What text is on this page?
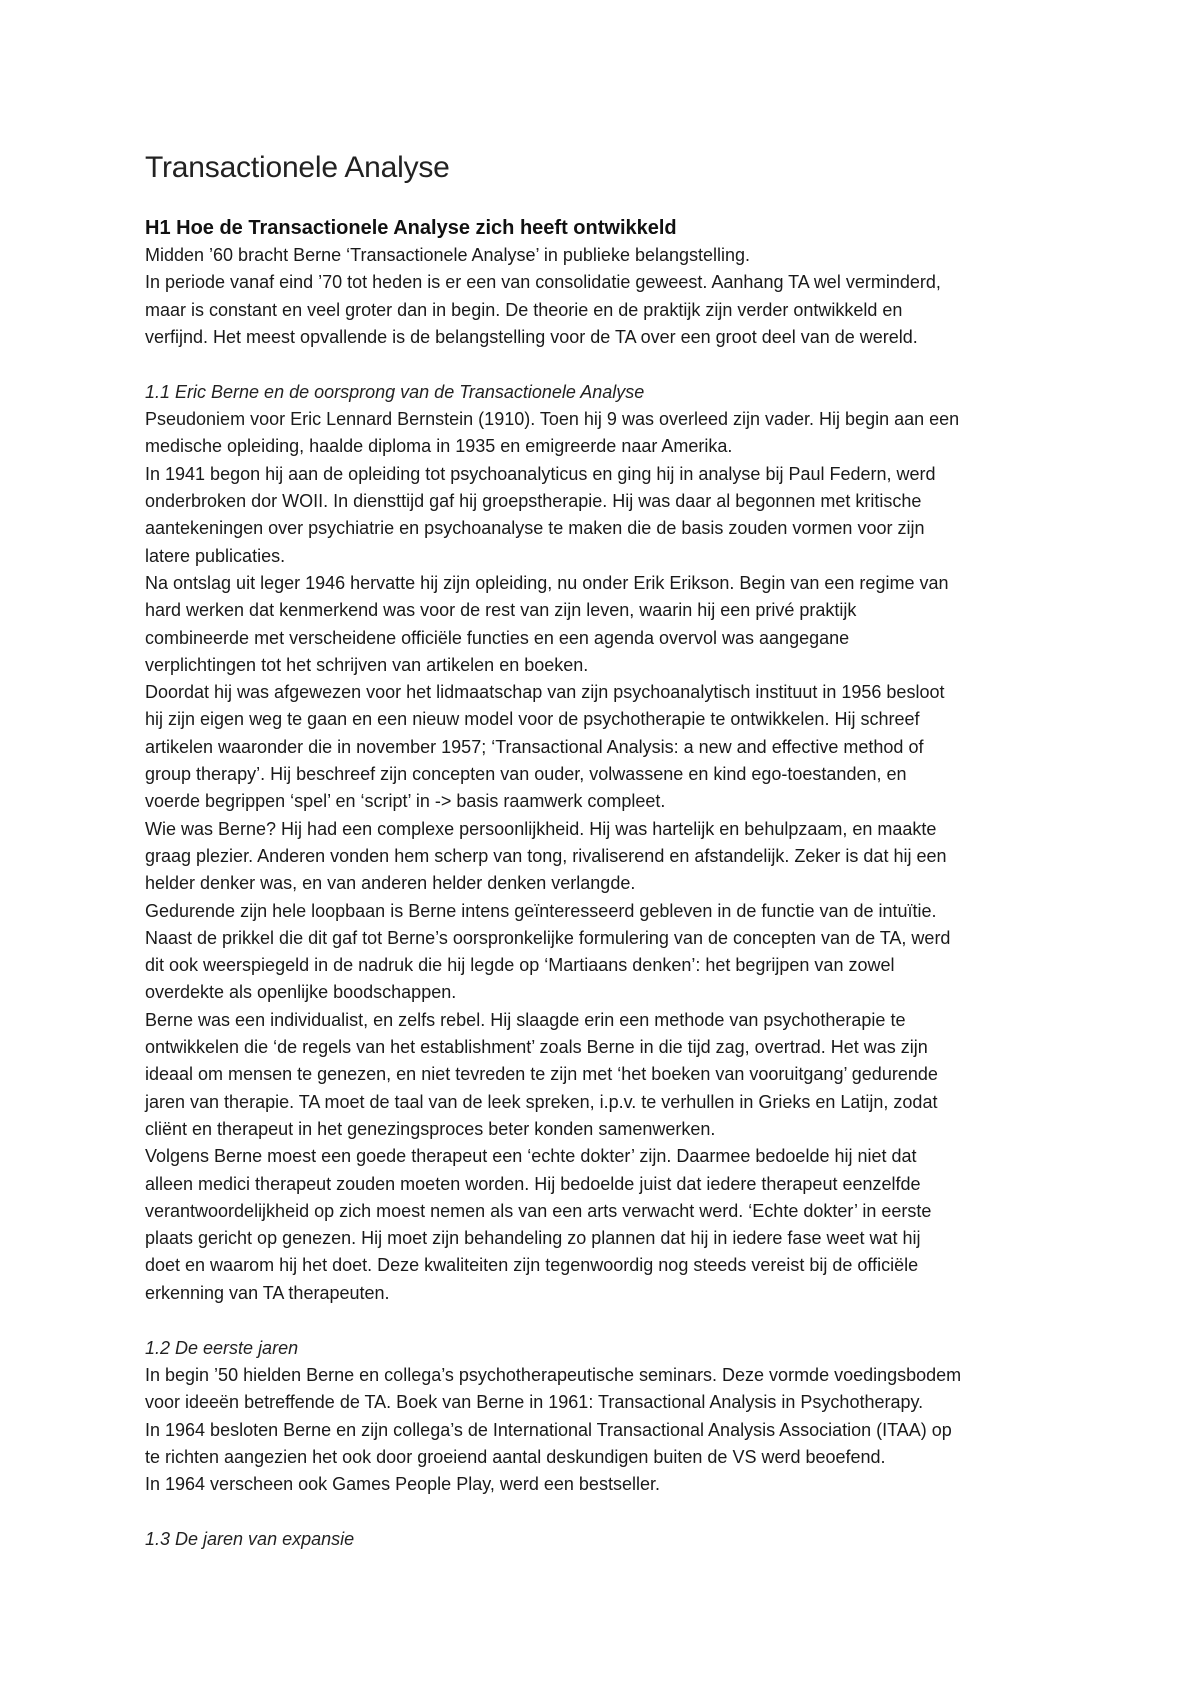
Transactionele Analyse
H1 Hoe de Transactionele Analyse zich heeft ontwikkeld

Midden ’60 bracht Berne ‘Transactionele Analyse’ in publieke belangstelling.
In periode vanaf eind ’70 tot heden is er een van consolidatie geweest. Aanhang TA wel verminderd,
maar is constant en veel groter dan in begin. De theorie en de praktijk zijn verder ontwikkeld en
verfijnd. Het meest opvallende is de belangstelling voor de TA over een groot deel van de wereld.

1.1 Eric Berne en de oorsprong van de Transactionele Analyse

Pseudoniem voor Eric Lennard Bernstein (1910). Toen hij 9 was overleed zijn vader. Hij begin aan een
medische opleiding, haalde diploma in 1935 en emigreerde naar Amerika.
In 1941 begon hij aan de opleiding tot psychoanalyticus en ging hij in analyse bij Paul Federn, werd
onderbroken dor WOII. In diensttijd gaf hij groepstherapie. Hij was daar al begonnen met kritische
aantekeningen over psychiatrie en psychoanalyse te maken die de basis zouden vormen voor zijn
latere publicaties.
Na ontslag uit leger 1946 hervatte hij zijn opleiding, nu onder Erik Erikson. Begin van een regime van
hard werken dat kenmerkend was voor de rest van zijn leven, waarin hij een privé praktijk
combineerde met verscheidene officiële functies en een agenda overvol was aangegane
verplichtingen tot het schrijven van artikelen en boeken.
Doordat hij was afgewezen voor het lidmaatschap van zijn psychoanalytisch instituut in 1956 besloot
hij zijn eigen weg te gaan en een nieuw model voor de psychotherapie te ontwikkelen. Hij schreef
artikelen waaronder die in november 1957; ‘Transactional Analysis: a new and effective method of
group therapy’. Hij beschreef zijn concepten van ouder, volwassene en kind ego-toestanden, en
voerde begrippen ‘spel’ en ‘script’ in -> basis raamwerk compleet.
Wie was Berne? Hij had een complexe persoonlijkheid. Hij was hartelijk en behulpzaam, en maakte
graag plezier. Anderen vonden hem scherp van tong, rivaliserend en afstandelijk. Zeker is dat hij een
helder denker was, en van anderen helder denken verlangde.
Gedurende zijn hele loopbaan is Berne intens geïnteresseerd gebleven in de functie van de intuïtie.
Naast de prikkel die dit gaf tot Berne’s oorspronkelijke formulering van de concepten van de TA, werd
dit ook weerspiegeld in de nadruk die hij legde op ‘Martiaans denken’: het begrijpen van zowel
overdekte als openlijke boodschappen.
Berne was een individualist, en zelfs rebel. Hij slaagde erin een methode van psychotherapie te
ontwikkelen die ‘de regels van het establishment’ zoals Berne in die tijd zag, overtrad. Het was zijn
ideaal om mensen te genezen, en niet tevreden te zijn met ‘het boeken van vooruitgang’ gedurende
jaren van therapie. TA moet de taal van de leek spreken, i.p.v. te verhullen in Grieks en Latijn, zodat
cliënt en therapeut in het genezingsproces beter konden samenwerken.
Volgens Berne moest een goede therapeut een ‘echte dokter’ zijn. Daarmee bedoelde hij niet dat
alleen medici therapeut zouden moeten worden. Hij bedoelde juist dat iedere therapeut eenzelfde
verantwoordelijkheid op zich moest nemen als van een arts verwacht werd. ‘Echte dokter’ in eerste
plaats gericht op genezen. Hij moet zijn behandeling zo plannen dat hij in iedere fase weet wat hij
doet en waarom hij het doet. Deze kwaliteiten zijn tegenwoordig nog steeds vereist bij de officiële
erkenning van TA therapeuten.

1.2 De eerste jaren

In begin ’50 hielden Berne en collega’s psychotherapeutische seminars. Deze vormde voedingsbodem
voor ideeën betreffende de TA. Boek van Berne in 1961: Transactional Analysis in Psychotherapy.
In 1964 besloten Berne en zijn collega’s de International Transactional Analysis Association (ITAA) op
te richten aangezien het ook door groeiend aantal deskundigen buiten de VS werd beoefend.
In 1964 verscheen ook Games People Play, werd een bestseller.

1.3 De jaren van expansie
